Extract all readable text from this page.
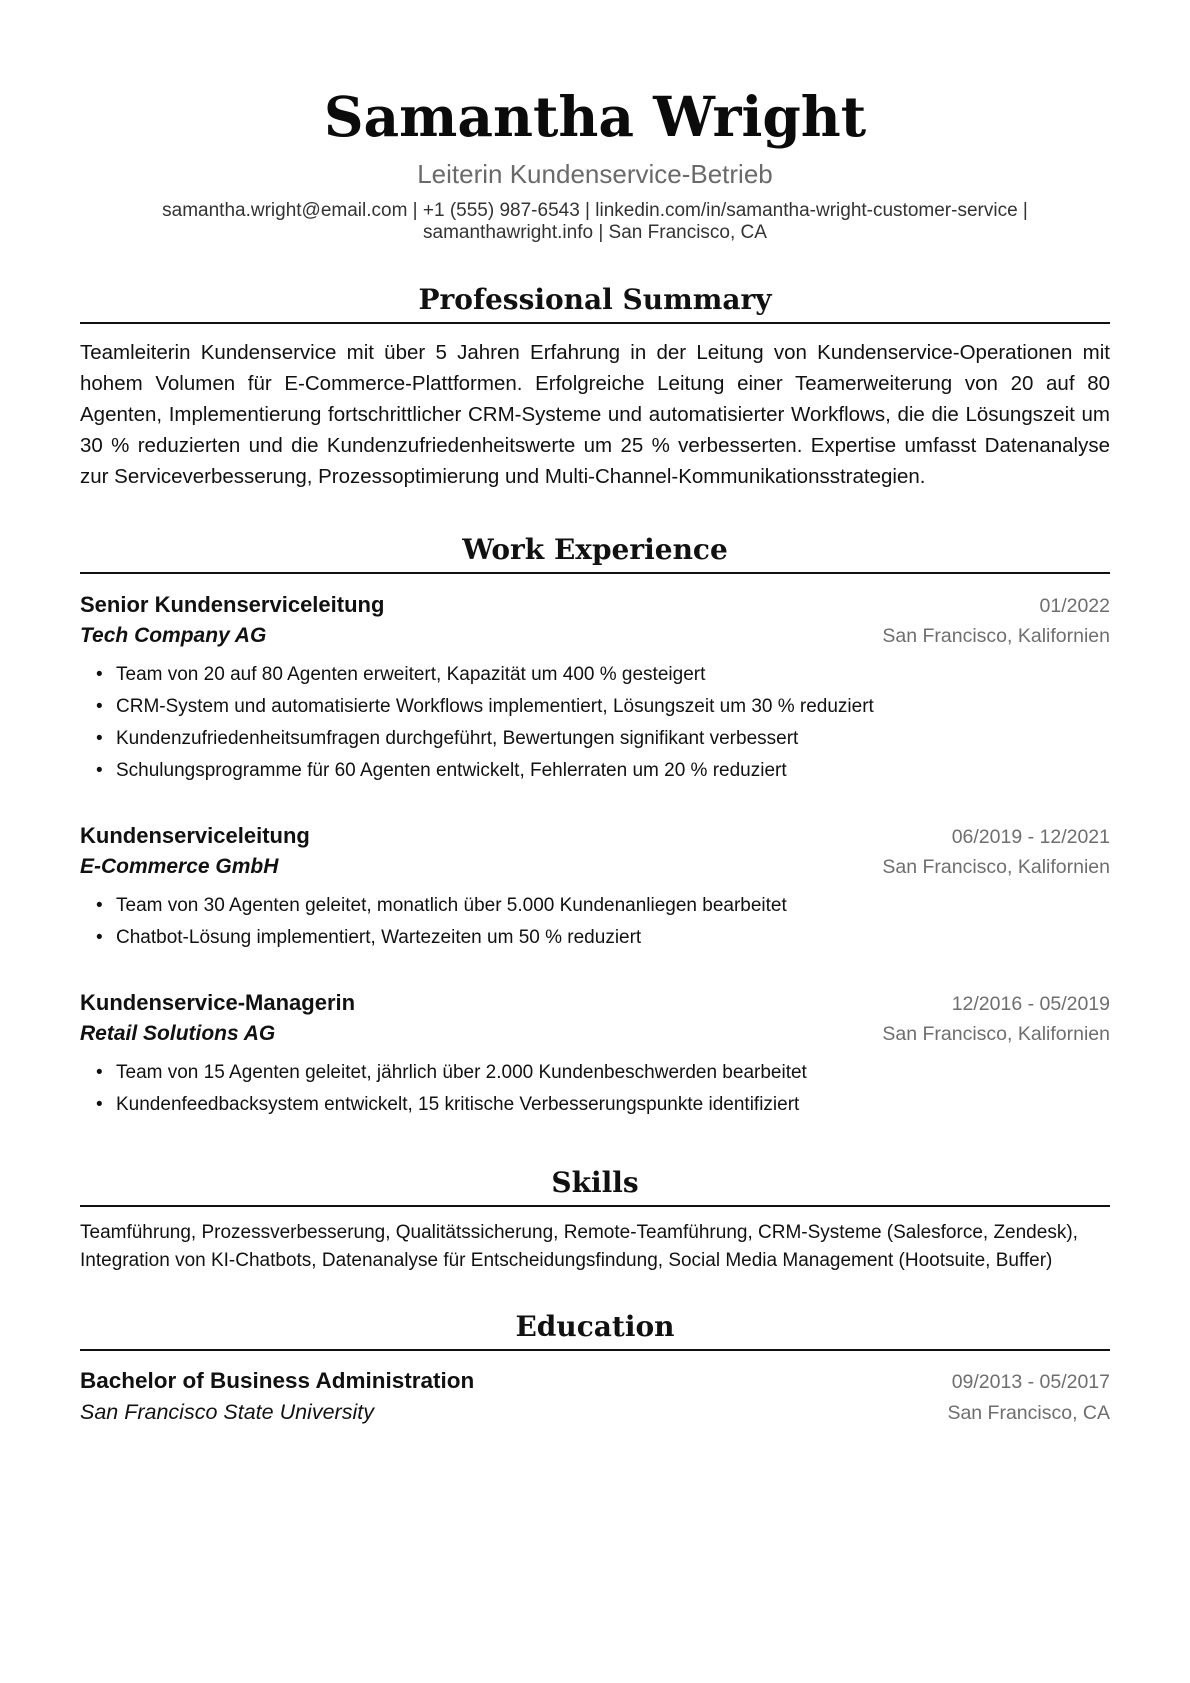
Samantha Wright
Leiterin Kundenservice-Betrieb
samantha.wright@email.com | +1 (555) 987-6543 | linkedin.com/in/samantha-wright-customer-service |
samanthawright.info | San Francisco, CA
Professional Summary

Teamleiterin Kundenservice mit über 5 Jahren Erfahrung in der Leitung von Kundenservice-Operationen mit hohem Volumen für E-Commerce-Plattformen. Erfolgreiche Leitung einer Teamerweiterung von 20 auf 80 Agenten, Implementierung fortschrittlicher CRM-Systeme und automatisierter Workflows, die die Lösungszeit um 30 % reduzierten und die Kundenzufriedenheitswerte um 25 % verbesserten. Expertise umfasst Datenanalyse zur Serviceverbesserung, Prozessoptimierung und Multi-Channel-Kommunikationsstrategien.

Work Experience
Senior Kundenserviceleitung	01/2022
Tech Company AG	San Francisco, Kalifornien
• Team von 20 auf 80 Agenten erweitert, Kapazität um 400 % gesteigert
• CRM-System und automatisierte Workflows implementiert, Lösungszeit um 30 % reduziert
• Kundenzufriedenheitsumfragen durchgeführt, Bewertungen signifikant verbessert
• Schulungsprogramme für 60 Agenten entwickelt, Fehlerraten um 20 % reduziert
Kundenserviceleitung	06/2019 - 12/2021
E-Commerce GmbH	San Francisco, Kalifornien
• Team von 30 Agenten geleitet, monatlich über 5.000 Kundenanliegen bearbeitet
• Chatbot-Lösung implementiert, Wartezeiten um 50 % reduziert
Kundenservice-Managerin	12/2016 - 05/2019
Retail Solutions AG	San Francisco, Kalifornien
• Team von 15 Agenten geleitet, jährlich über 2.000 Kundenbeschwerden bearbeitet
• Kundenfeedbacksystem entwickelt, 15 kritische Verbesserungspunkte identifiziert
Skills

Teamführung, Prozessverbesserung, Qualitätssicherung, Remote-Teamführung, CRM-Systeme (Salesforce, Zendesk), Integration von KI-Chatbots, Datenanalyse für Entscheidungsfindung, Social Media Management (Hootsuite, Buffer)

Education
Bachelor of Business Administration	09/2013 - 05/2017
San Francisco State University	San Francisco, CA
